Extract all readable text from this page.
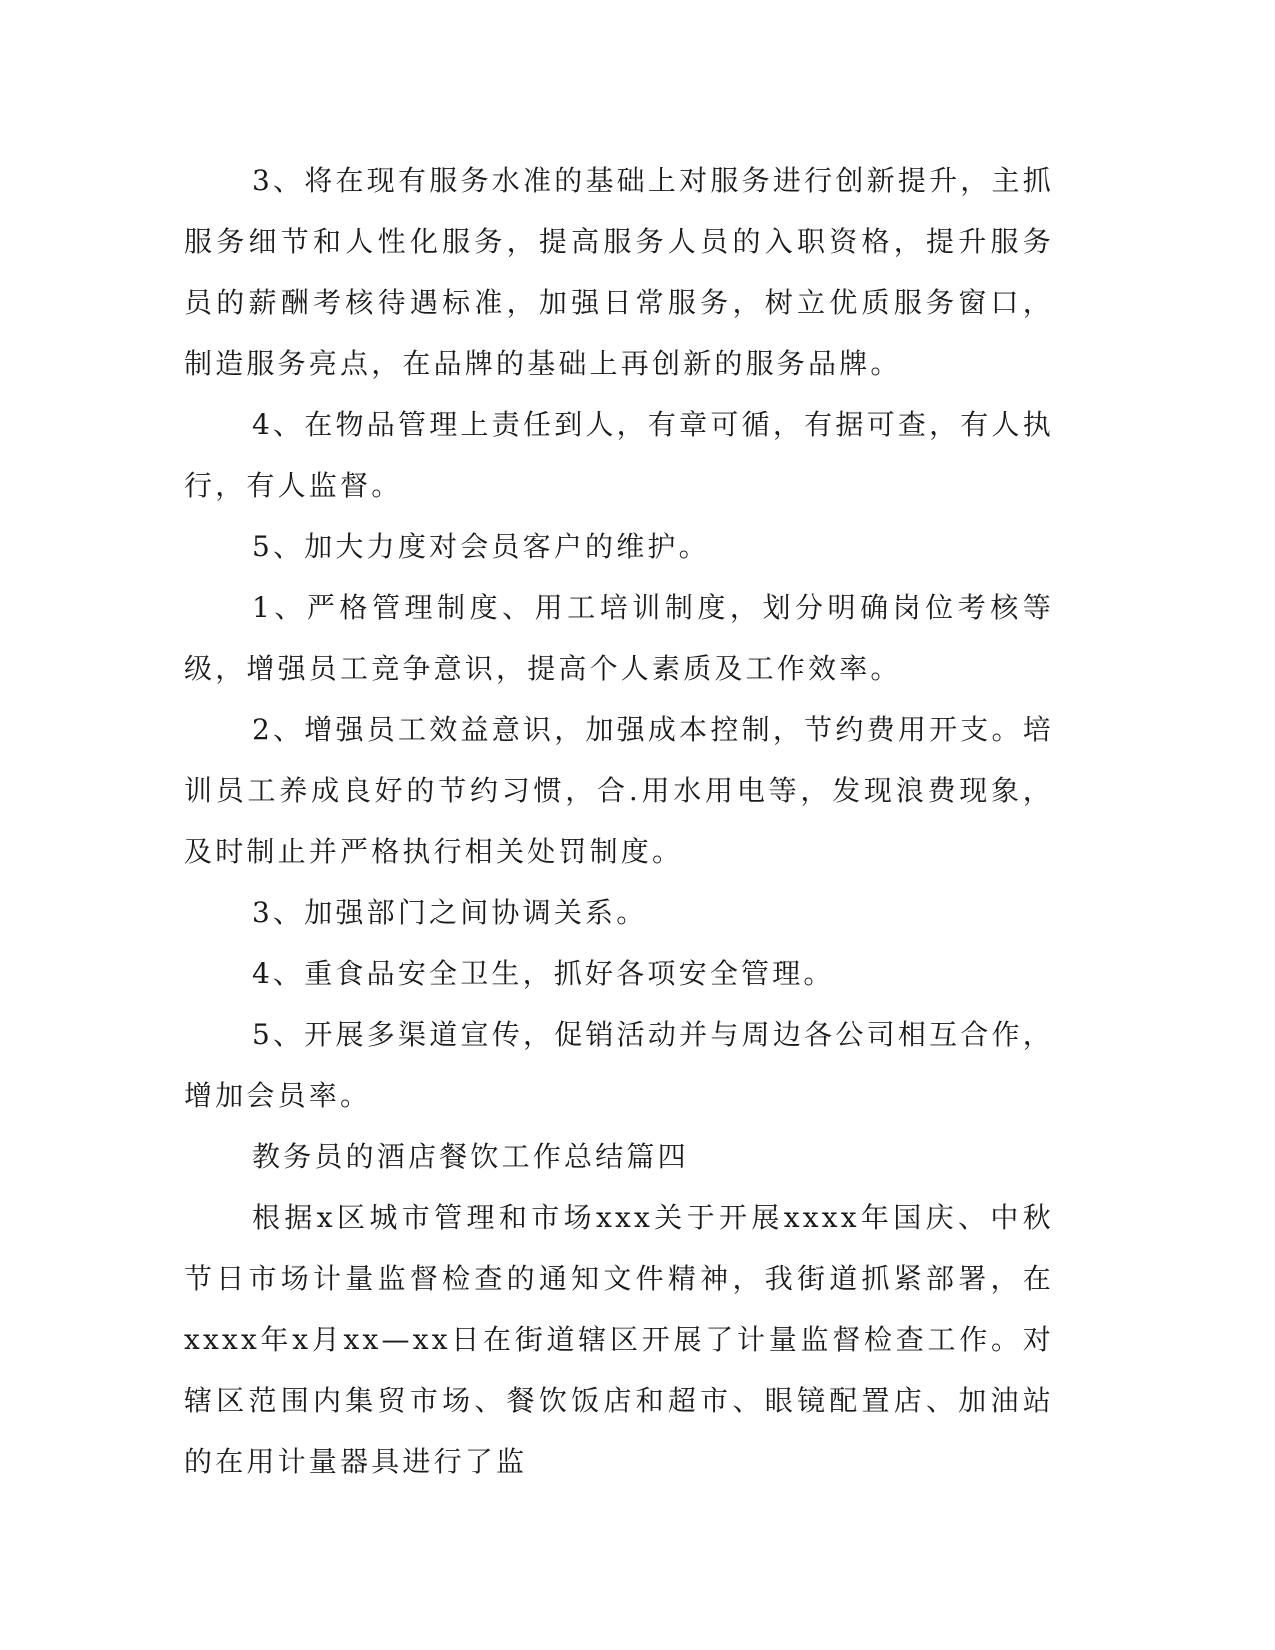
3、将在现有服务水准的基础上对服务进行创新提升，主抓服务细节和人性化服务，提高服务人员的入职资格，提升服务员的薪酬考核待遇标准，加强日常服务，树立优质服务窗口，制造服务亮点，在品牌的基础上再创新的服务品牌。

4、在物品管理上责任到人，有章可循，有据可查，有人执行，有人监督。

5、加大力度对会员客户的维护。

1、严格管理制度、用工培训制度，划分明确岗位考核等级，增强员工竞争意识，提高个人素质及工作效率。

2、增强员工效益意识，加强成本控制，节约费用开支。培训员工养成良好的节约习惯，合.用水用电等，发现浪费现象，及时制止并严格执行相关处罚制度。

3、加强部门之间协调关系。

4、重食品安全卫生，抓好各项安全管理。

5、开展多渠道宣传，促销活动并与周边各公司相互合作，增加会员率。

教务员的酒店餐饮工作总结篇四

根据x区城市管理和市场xxx关于开展xxxx年国庆、中秋节日市场计量监督检查的通知文件精神，我街道抓紧部署，在xxxx年x月xx—xx日在街道辖区开展了计量监督检查工作。对辖区范围内集贸市场、餐饮饭店和超市、眼镜配置店、加油站的在用计量器具进行了监
